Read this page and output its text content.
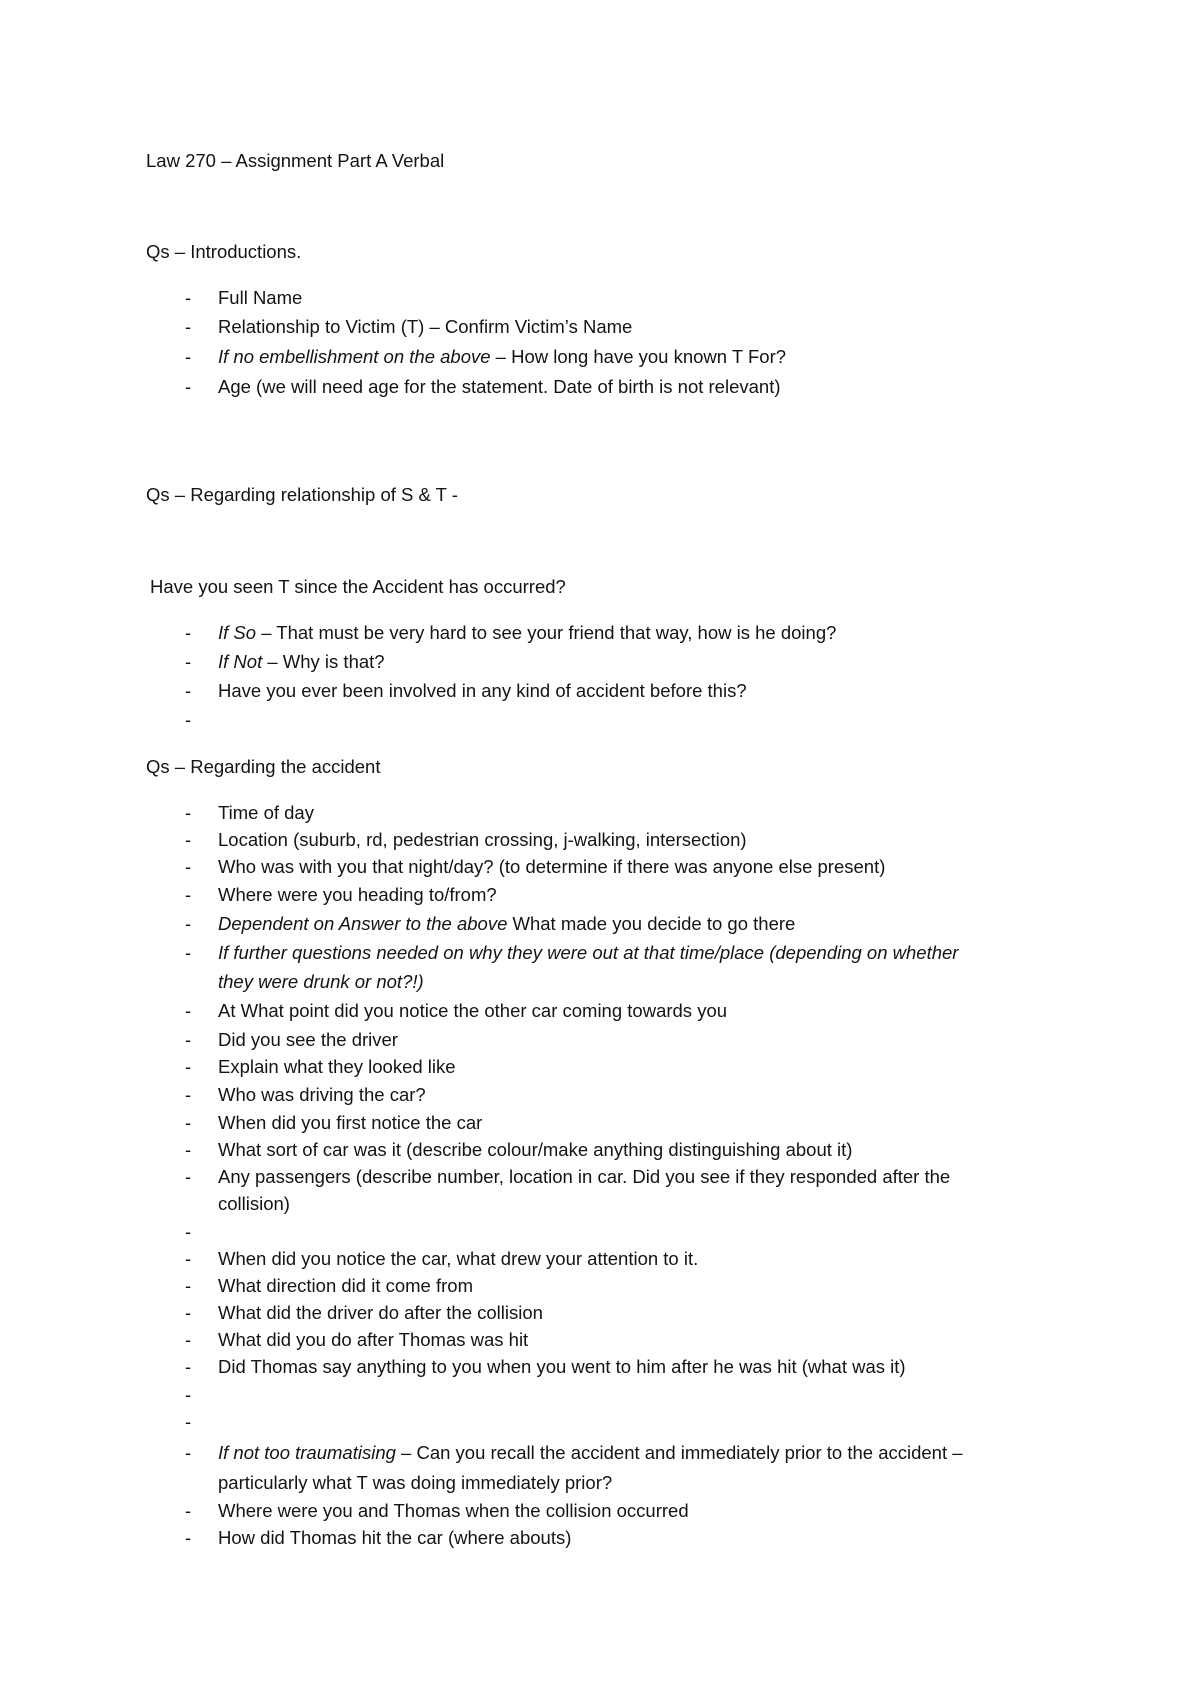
Law 270 – Assignment Part A Verbal
Qs – Introductions.
- Full Name
- Relationship to Victim (T) – Confirm Victim’s Name
- If no embellishment on the above – How long have you known T For?
- Age (we will need age for the statement. Date of birth is not relevant)
Qs – Regarding relationship of S & T -
Have you seen T since the Accident has occurred?
- If So – That must be very hard to see your friend that way, how is he doing?
- If Not – Why is that?
- Have you ever been involved in any kind of accident before this?
-
Qs – Regarding the accident
- Time of day
- Location (suburb, rd, pedestrian crossing, j-walking, intersection)
- Who was with you that night/day? (to determine if there was anyone else present)
- Where were you heading to/from?
- Dependent on Answer to the above What made you decide to go there
- If further questions needed on why they were out at that time/place (depending on whether
they were drunk or not?!)
- At What point did you notice the other car coming towards you
- Did you see the driver
- Explain what they looked like
- Who was driving the car?
- When did you first notice the car
- What sort of car was it (describe colour/make anything distinguishing about it)
- Any passengers (describe number, location in car. Did you see if they responded after the
collision)
-
- When did you notice the car, what drew your attention to it.
- What direction did it come from
- What did the driver do after the collision
- What did you do after Thomas was hit
- Did Thomas say anything to you when you went to him after he was hit (what was it)
-
-
- If not too traumatising – Can you recall the accident and immediately prior to the accident –
particularly what T was doing immediately prior?
- Where were you and Thomas when the collision occurred
- How did Thomas hit the car (where abouts)
